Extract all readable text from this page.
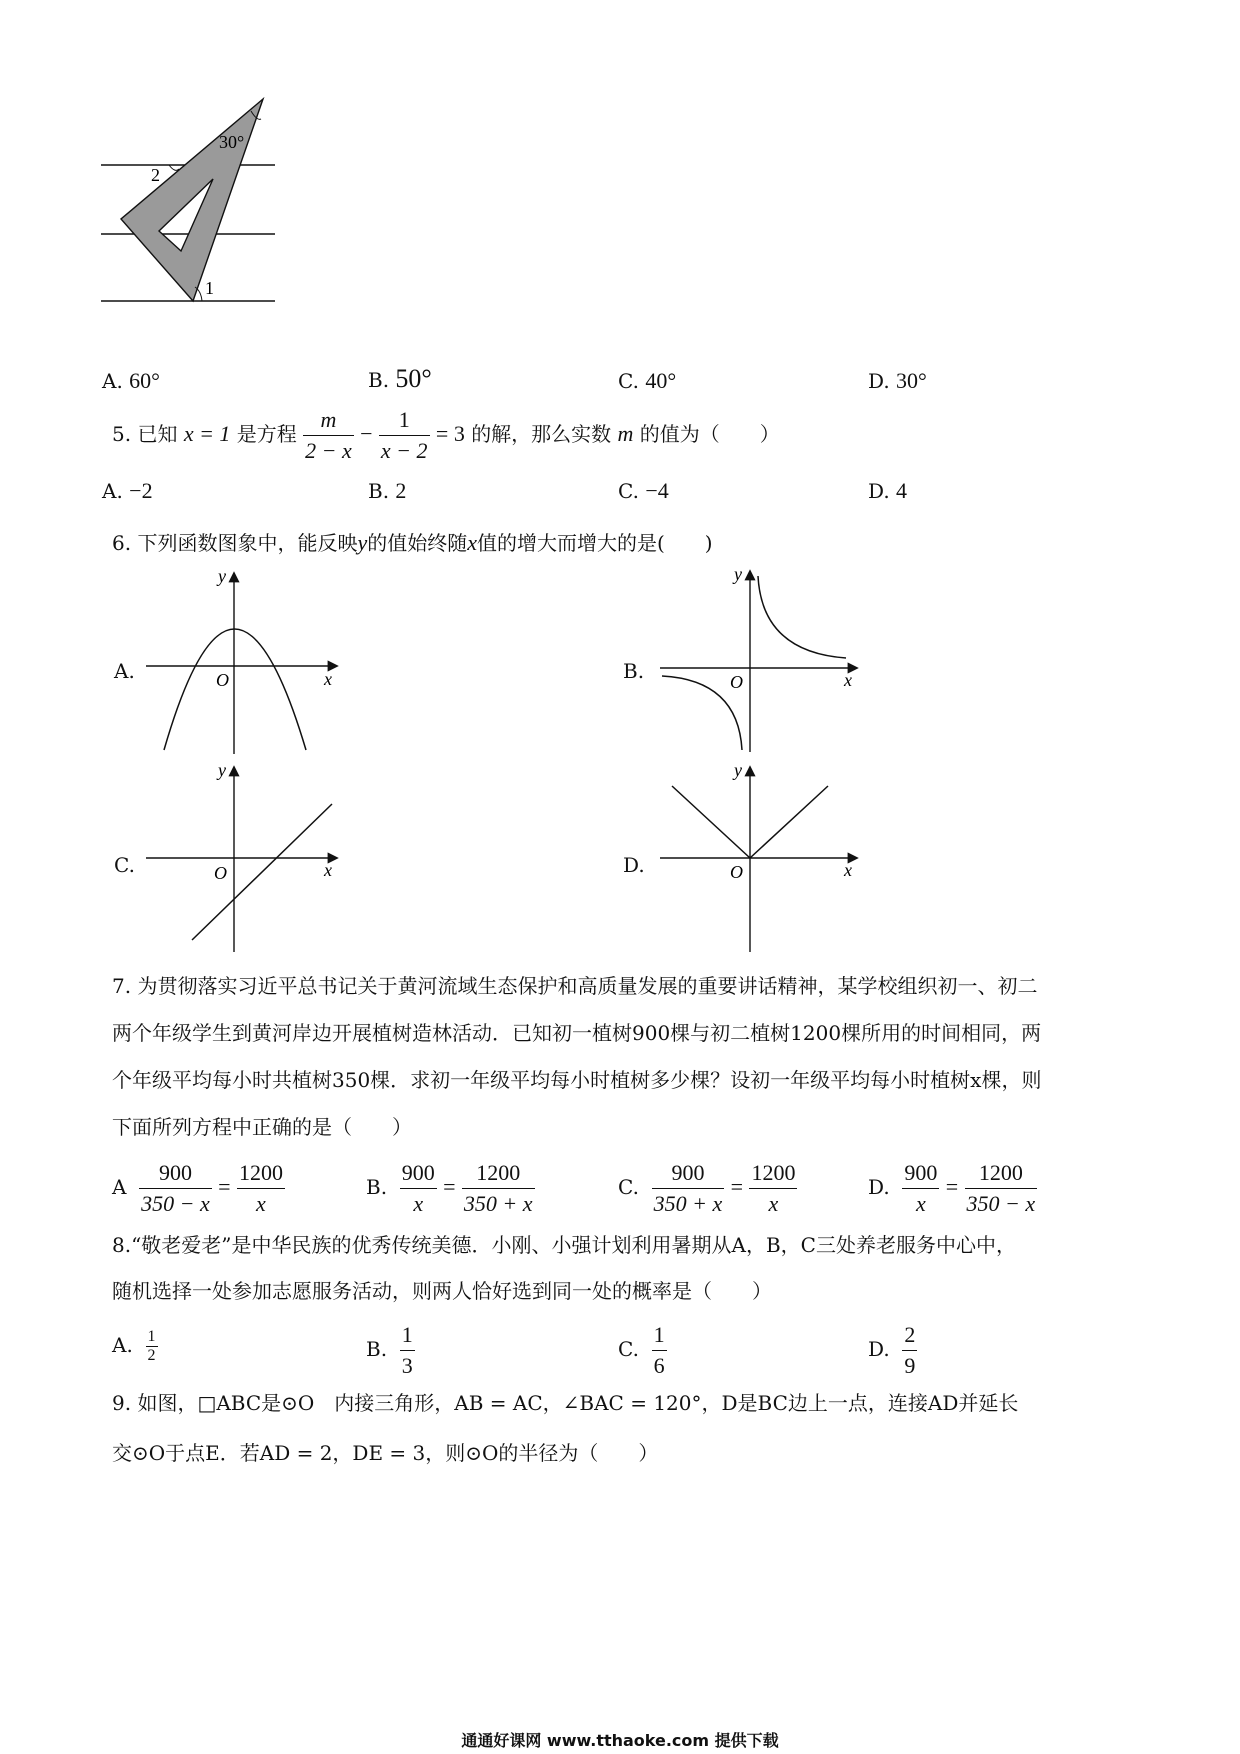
30°
1
2
A. 60°	B. 50°	C. 40°	D. 30°
5. 已知 x = 1 是方程 $\frac{m}{2 - x} - \frac{1}{x - 2} = 3$ 的解，那么实数 m 的值为（　　）
A. −2	B. 2	C. −4	D. 4
6. 下列函数图象中，能反映y的值始终随x值的增大而增大的是(　　)
A.	B.
C.	D.
y
x
O
y
x
O
y
x
O
y
x
O
7. 为贯彻落实习近平总书记关于黄河流域生态保护和高质量发展的重要讲话精神，某学校组织初一、初二
两个年级学生到黄河岸边开展植树造林活动．已知初一植树900棵与初二植树1200棵所用的时间相同，两
个年级平均每小时共植树350棵．求初一年级平均每小时植树多少棵？设初一年级平均每小时植树x棵，则
下面所列方程中正确的是（　　）
A $\frac{900}{350 - x} = \frac{1200}{x}$	B. $\frac{900}{x} = \frac{1200}{350 + x}$	C. $\frac{900}{350 + x} = \frac{1200}{x}$	D. $\frac{900}{x} = \frac{1200}{350 - x}$
8.“敬老爱老”是中华民族的优秀传统美德．小刚、小强计划利用暑期从A，B，C三处养老服务中心中，
随机选择一处参加志愿服务活动，则两人恰好选到同一处的概率是（　　）
A. $\frac{1}{2}$	B. $\frac{1}{3}$	C. $\frac{1}{6}$	D. $\frac{2}{9}$
9. 如图，□ABC是⊙O　内接三角形，AB = AC，∠BAC = 120°，D是BC边上一点，连接AD并延长
交⊙O于点E．若AD = 2，DE = 3，则⊙O的半径为（　　）
通通好课网 www.tthaoke.com 提供下载
